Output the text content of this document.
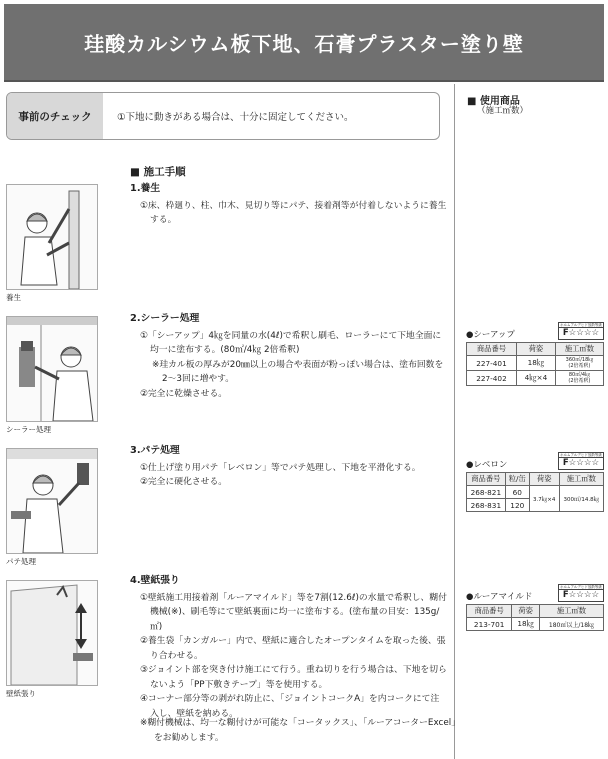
珪酸カルシウム板下地、石膏プラスター塗り壁
事前のチェック	①下地に動きがある場合は、十分に固定してください。
■ 使用商品
（施工㎡数）
■ 施工手順
養生
シーラー処理
パテ処理
壁紙張り
1.養生

①床、枠廻り、柱、巾木、見切り等にパテ、接着剤等が付着しないように養生する。

2.シーラー処理

①「シーアップ」4㎏を同量の水(4ℓ)で希釈し刷毛、ローラーにて下地全面に均一に塗布する。(80㎡/4㎏ 2倍希釈)

※珪カル板の厚みが20㎜以上の場合や表面が粉っぽい場合は、塗布回数を2～3回に増やす。

②完全に乾燥させる。

3.パテ処理

①仕上げ塗り用パテ「レベロン」等でパテ処理し、下地を平滑化する。

②完全に硬化させる。

4.壁紙張り

①壁紙施工用接着剤「ルーアマイルド」等を7割(12.6ℓ)の水量で希釈し、糊付機械(※)、刷毛等にて壁紙裏面に均一に塗布する。(塗布量の目安：135g/㎡)

②養生袋「カンガルー」内で、壁紙に適合したオープンタイムを取った後、張り合わせる。

③ジョイント部を突き付け施工にて行う。重ね切りを行う場合は、下地を切らないよう「PP下敷きテープ」等を使用する。

④コーナー部分等の剥がれ防止に、「ジョイントコークA」を内コークにて注入し、壁紙を納める。

※糊付機械は、均一な糊付けが可能な「コータックス」、「ルーアコーターExcel」をお勧めします。
●シーアップ
ホルムアルデヒド放散等級
F☆☆☆☆
商品番号	荷姿	施工㎡数
227-401	18㎏	360㎡/18㎏
(2倍希釈)

227-402	4㎏×4	80㎡/4㎏
(2倍希釈)
●レベロン
ホルムアルデヒド放散等級
F☆☆☆☆
商品番号	粒/缶	荷姿	施工㎡数
268-821	60	3.7㎏×4	300㎡/14.8㎏
268-831	120		
●ルーアマイルド
ホルムアルデヒド放散等級
F☆☆☆☆
商品番号	荷姿	施工㎡数
213-701	18㎏	180㎡以上/18㎏
